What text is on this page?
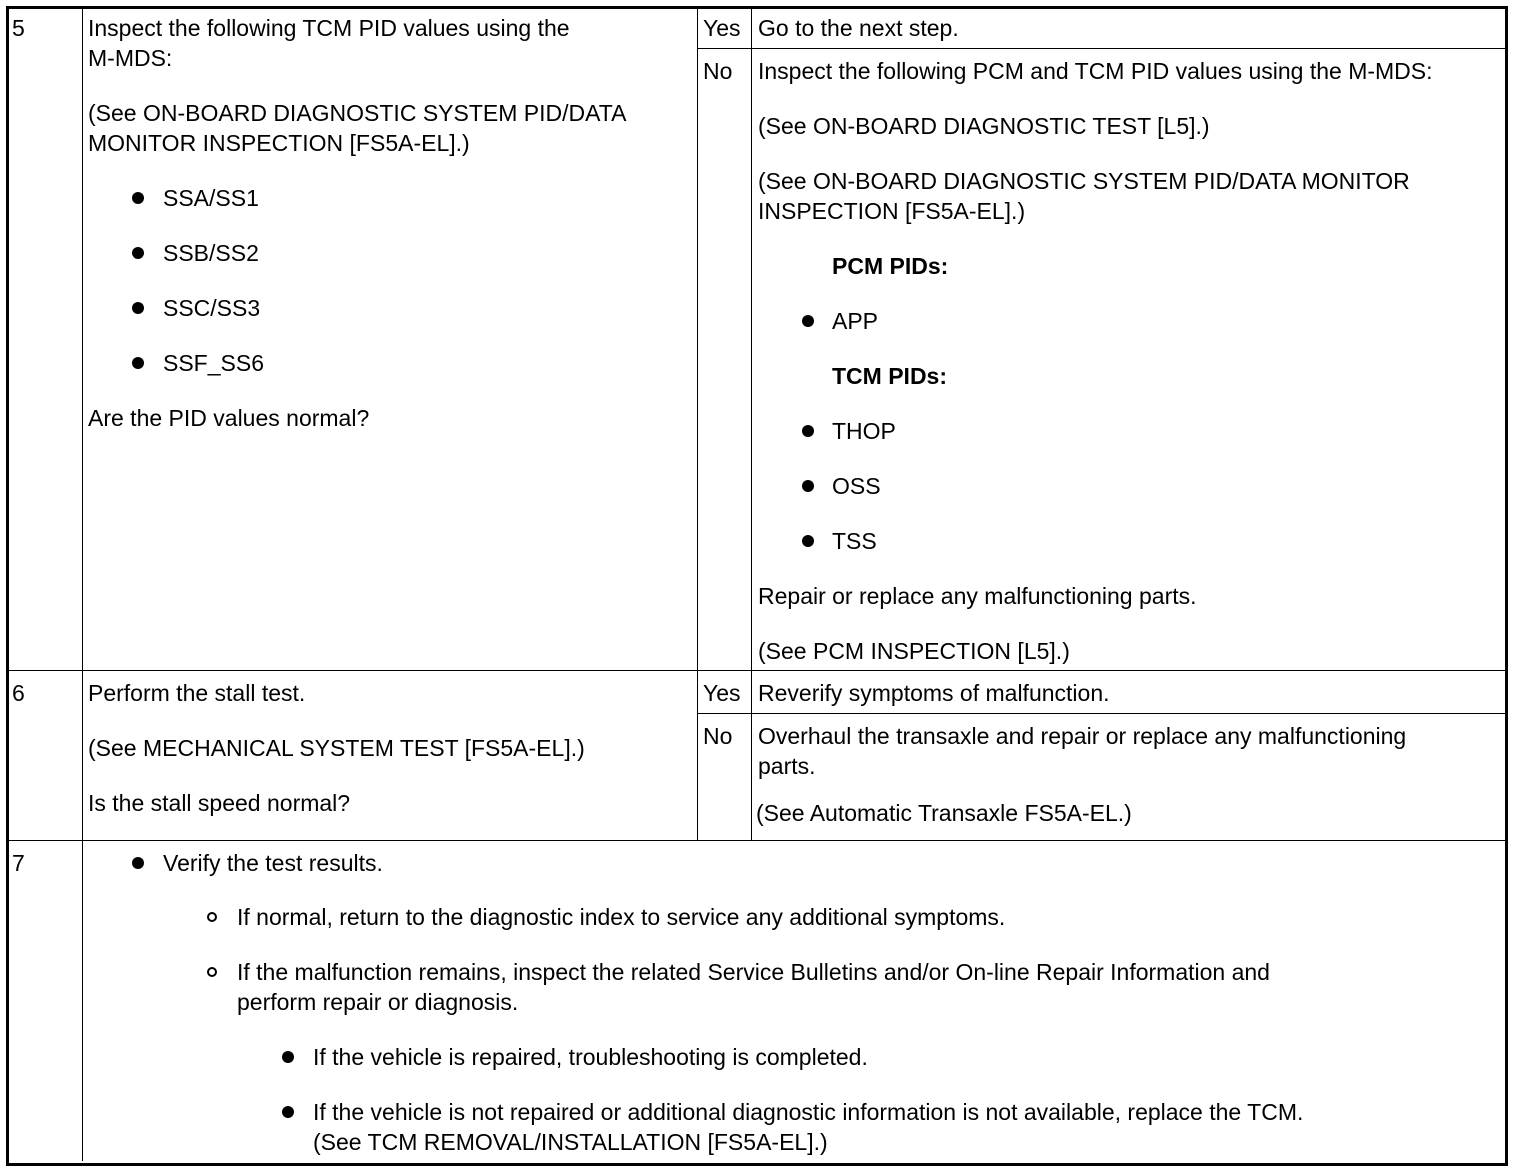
5	Inspect the following TCM PID values using the
M-MDS:
(See ON-BOARD DIAGNOSTIC SYSTEM PID/DATA
MONITOR INSPECTION [FS5A-EL].)
SSA/SS1
SSB/SS2
SSC/SS3
SSF_SS6
Are the PID values normal?
Yes Go to the next step.
No Inspect the following PCM and TCM PID values using the M-MDS:
(See ON-BOARD DIAGNOSTIC TEST [L5].)
(See ON-BOARD DIAGNOSTIC SYSTEM PID/DATA MONITOR
INSPECTION [FS5A-EL].)
PCM PIDs:
APP
TCM PIDs:
THOP
OSS
TSS
Repair or replace any malfunctioning parts.
(See PCM INSPECTION [L5].)
6	Perform the stall test.
(See MECHANICAL SYSTEM TEST [FS5A-EL].)
Is the stall speed normal?
Yes Reverify symptoms of malfunction.
No Overhaul the transaxle and repair or replace any malfunctioning
parts.
(See Automatic Transaxle FS5A-EL.)
7	Verify the test results.
If normal, return to the diagnostic index to service any additional symptoms.
If the malfunction remains, inspect the related Service Bulletins and/or On-line Repair Information and
perform repair or diagnosis.
If the vehicle is repaired, troubleshooting is completed.
If the vehicle is not repaired or additional diagnostic information is not available, replace the TCM.
(See TCM REMOVAL/INSTALLATION [FS5A-EL].)
